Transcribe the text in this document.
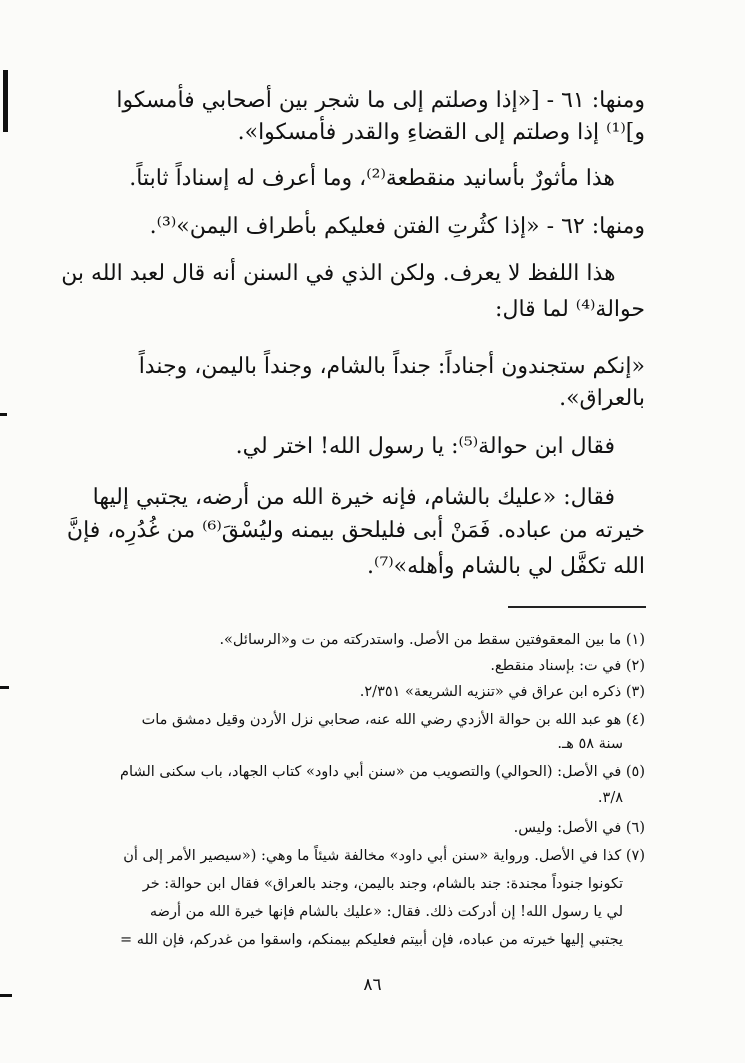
ومنها: ٦١ - [«إذا وصلتم إلى ما شجر بين أصحابي فأمسكوا
و]⁽¹⁾ إذا وصلتم إلى القضاءِ والقدر فأمسكوا».
هذا مأثورٌ بأسانيد منقطعة⁽²⁾، وما أعرف له إسناداً ثابتاً.
ومنها: ٦٢ - «إذا كثُرتِ الفتن فعليكم بأطراف اليمن»⁽³⁾.
هذا اللفظ لا يعرف. ولكن الذي في السنن أنه قال لعبد الله بن
حوالة⁽⁴⁾ لما قال:
«إنكم ستجندون أجناداً: جنداً بالشام، وجنداً باليمن، وجنداً
بالعراق».
فقال ابن حوالة⁽⁵⁾: يا رسول الله! اختر لي.
فقال: «عليك بالشام، فإنه خيرة الله من أرضه، يجتبي إليها
خيرته من عباده. فَمَنْ أبى فليلحق بيمنه وليُسْقَ⁽⁶⁾ من غُدُرِه، فإنَّ
الله تكفَّل لي بالشام وأهله»⁽⁷⁾.
(١) ما بين المعقوفتين سقط من الأصل. واستدركته من ت و«الرسائل».
(٢) في ت: بإسناد منقطع.
(٣) ذكره ابن عراق في «تنزيه الشريعة» ٢/٣٥١.
(٤) هو عبد الله بن حوالة الأزدي رضي الله عنه، صحابي نزل الأردن وقيل دمشق مات
سنة ٥٨ هـ.
(٥) في الأصل: (الحوالي) والتصويب من «سنن أبي داود» كتاب الجهاد، باب سكنى الشام
٣/٨.
(٦) في الأصل: وليس.
(٧) كذا في الأصل. ورواية «سنن أبي داود» مخالفة شيئاً ما وهي: («سيصير الأمر إلى أن
تكونوا جنوداً مجندة: جند بالشام، وجند باليمن، وجند بالعراق» فقال ابن حوالة: خر
لي يا رسول الله! إن أدركت ذلك. فقال: «عليك بالشام فإنها خيرة الله من أرضه
يجتبي إليها خيرته من عباده، فإن أبيتم فعليكم بيمنكم، واسقوا من غدركم، فإن الله =
٨٦
